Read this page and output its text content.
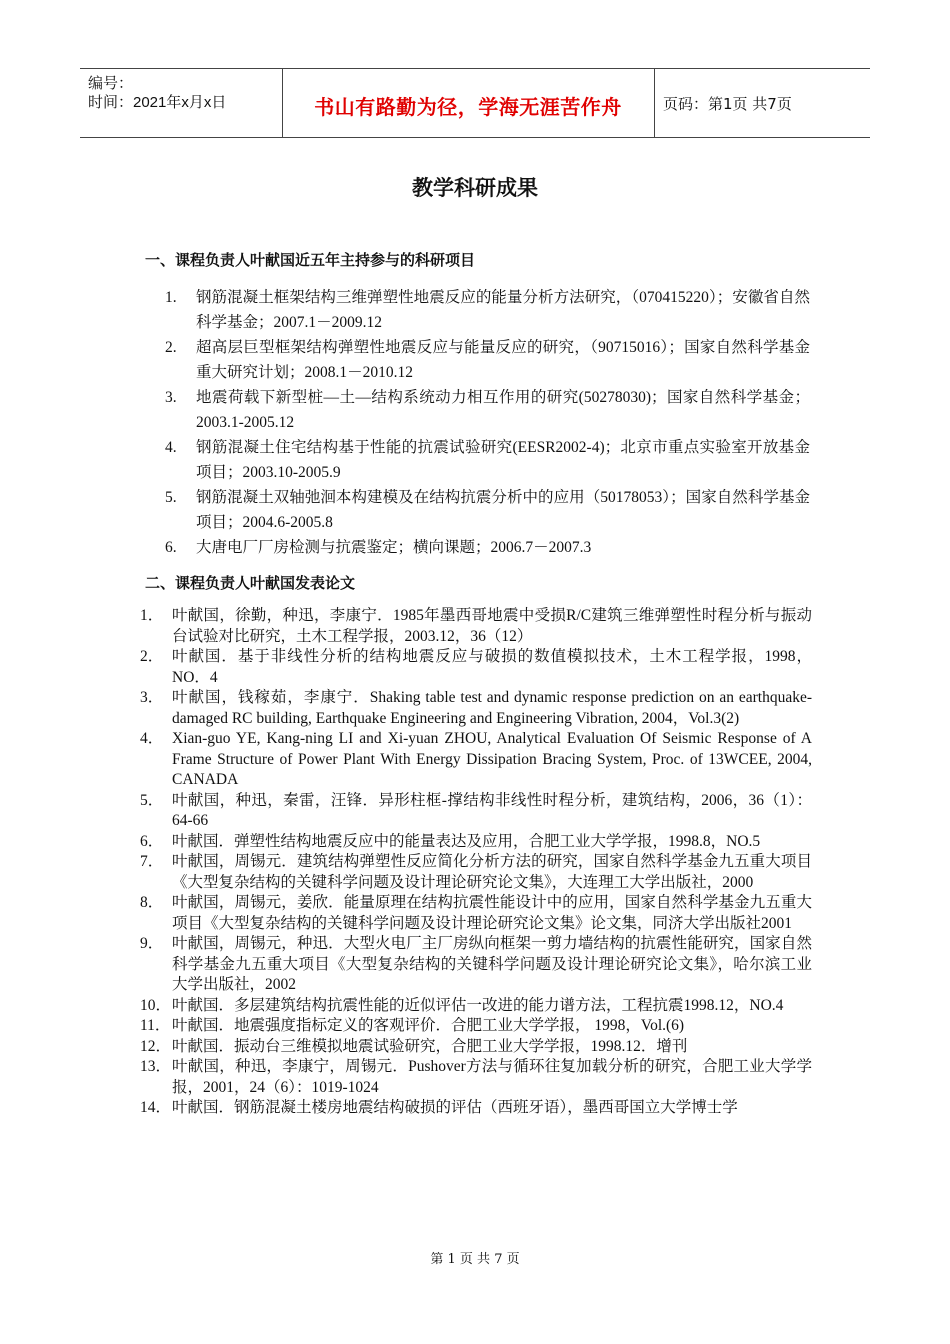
编号：
时间：2021年x月x日	书山有路勤为径，学海无涯苦作舟	页码：第1页 共7页
教学科研成果
一、课程负责人叶献国近五年主持参与的科研项目
1. 钢筋混凝土框架结构三维弹塑性地震反应的能量分析方法研究，（070415220）；安徽省自然科学基金；2007.1－2009.12
2. 超高层巨型框架结构弹塑性地震反应与能量反应的研究，（90715016）；国家自然科学基金重大研究计划；2008.1－2010.12
3. 地震荷载下新型桩—土—结构系统动力相互作用的研究(50278030)；国家自然科学基金；2003.1-2005.12
4. 钢筋混凝土住宅结构基于性能的抗震试验研究(EESR2002-4)；北京市重点实验室开放基金项目；2003.10-2005.9
5. 钢筋混凝土双轴弛洄本构建模及在结构抗震分析中的应用（50178053）；国家自然科学基金项目；2004.6-2005.8
6. 大唐电厂厂房检测与抗震鉴定；横向课题；2006.7－2007.3
二、课程负责人叶献国发表论文
1． 叶献国，徐勤，种迅，李康宁．1985年墨西哥地震中受损R/C建筑三维弹塑性时程分析与振动台试验对比研究，土木工程学报，2003.12，36（12）
2． 叶献国．基于非线性分析的结构地震反应与破损的数值模拟技术，土木工程学报，1998，NO．4
3． 叶献国，钱稼茹，李康宁．Shaking table test and dynamic response prediction on an earthquake-damaged RC building, Earthquake Engineering and Engineering Vibration, 2004，Vol.3(2)
4． Xian-guo YE, Kang-ning LI and Xi-yuan ZHOU, Analytical Evaluation Of Seismic Response of A Frame Structure of Power Plant With Energy Dissipation Bracing System, Proc. of 13WCEE, 2004, CANADA
5． 叶献国，种迅，秦雷，汪锋．异形柱框-撑结构非线性时程分析，建筑结构，2006，36（1）：64-66
6． 叶献国．弹塑性结构地震反应中的能量表达及应用，合肥工业大学学报，1998.8，NO.5
7． 叶献国，周锡元．建筑结构弹塑性反应简化分析方法的研究，国家自然科学基金九五重大项目《大型复杂结构的关键科学问题及设计理论研究论文集》，大连理工大学出版社，2000
8． 叶献国，周锡元，姜欣．能量原理在结构抗震性能设计中的应用，国家自然科学基金九五重大项目《大型复杂结构的关键科学问题及设计理论研究论文集》论文集，同济大学出版社2001
9． 叶献国，周锡元，种迅．大型火电厂主厂房纵向框架一剪力墙结构的抗震性能研究，国家自然科学基金九五重大项目《大型复杂结构的关键科学问题及设计理论研究论文集》，哈尔滨工业大学出版社，2002
10． 叶献国．多层建筑结构抗震性能的近似评估一改进的能力谱方法，工程抗震1998.12，NO.4
11． 叶献国．地震强度指标定义的客观评价．合肥工业大学学报， 1998，Vol.(6)
12． 叶献国．振动台三维模拟地震试验研究，合肥工业大学学报，1998.12．增刊
13． 叶献国，种迅，李康宁，周锡元．Pushover方法与循环往复加载分析的研究，合肥工业大学学报，2001，24（6）：1019-1024
14． 叶献国．钢筋混凝土楼房地震结构破损的评估（西班牙语），墨西哥国立大学博士学
第 1 页 共 7 页
